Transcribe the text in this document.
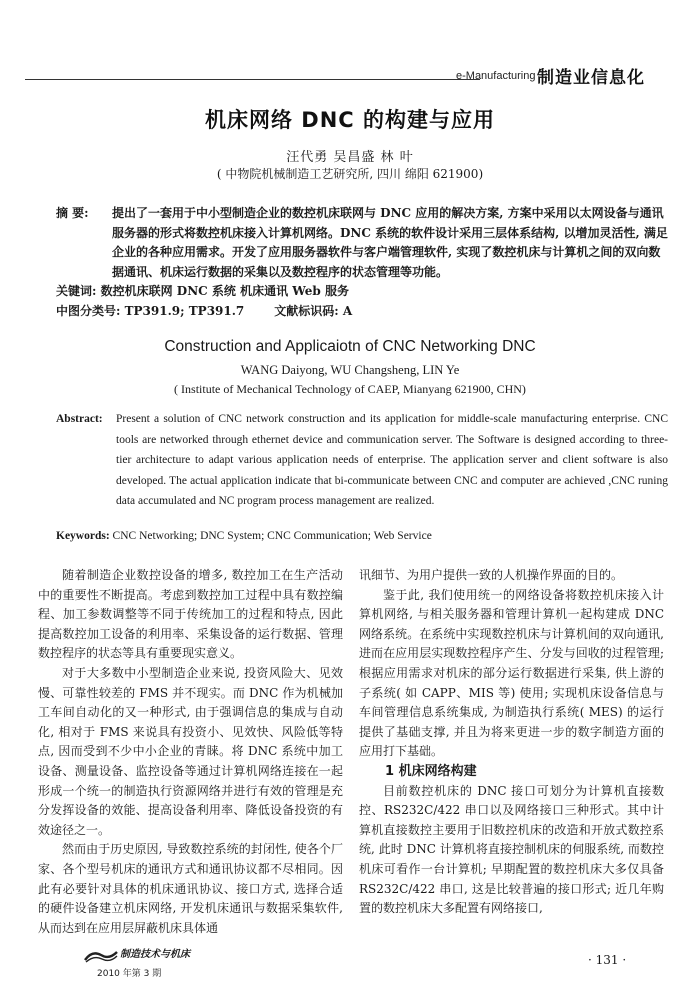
e-Manufacturing 制造业信息化
机床网络 DNC 的构建与应用
汪代勇 吴昌盛 林 叶
( 中物院机械制造工艺研究所, 四川 绵阳 621900)
摘 要:	提出了一套用于中小型制造企业的数控机床联网与 DNC 应用的解决方案, 方案中采用以太网设备与通讯服务器的形式将数控机床接入计算机网络。DNC 系统的软件设计采用三层体系结构, 以增加灵活性, 满足企业的各种应用需求。开发了应用服务器软件与客户端管理软件, 实现了数控机床与计算机之间的双向数据通讯、机床运行数据的采集以及数控程序的状态管理等功能。
关键词: 数控机床联网 DNC 系统 机床通讯 Web 服务
中图分类号: TP391.9; TP391.7	文献标识码: A
Construction and Applicaiotn of CNC Networking DNC
WANG Daiyong, WU Changsheng, LIN Ye
( Institute of Mechanical Technology of CAEP, Mianyang 621900, CHN)
Abstract:	Present a solution of CNC network construction and its application for middle-scale manufacturing enterprise. CNC tools are networked through ethernet device and communication server. The Software is designed according to three-tier architecture to adapt various application needs of enterprise. The application server and client software is also developed. The actual application indicate that bi-communicate between CNC and computer are achieved ,CNC runing data accumulated and NC program process management are realized.
Keywords: CNC Networking; DNC System; CNC Communication; Web Service

随着制造企业数控设备的增多, 数控加工在生产活动中的重要性不断提高。考虑到数控加工过程中具有数控编程、加工参数调整等不同于传统加工的过程和特点, 因此提高数控加工设备的利用率、采集设备的运行数据、管理数控程序的状态等具有重要现实意义。

对于大多数中小型制造企业来说, 投资风险大、见效慢、可靠性较差的 FMS 并不现实。而 DNC 作为机械加工车间自动化的又一种形式, 由于强调信息的集成与自动化, 相对于 FMS 来说具有投资小、见效快、风险低等特点, 因而受到不少中小企业的青睐。将 DNC 系统中加工设备、测量设备、监控设备等通过计算机网络连接在一起形成一个统一的制造执行资源网络并进行有效的管理是充分发挥设备的效能、提高设备利用率、降低设备投资的有效途径之一。

然而由于历史原因, 导致数控系统的封闭性, 使各个厂家、各个型号机床的通讯方式和通讯协议都不尽相同。因此有必要针对具体的机床通讯协议、接口方式, 选择合适的硬件设备建立机床网络, 开发机床通讯与数据采集软件, 从而达到在应用层屏蔽机床具体通

讯细节、为用户提供一致的人机操作界面的目的。

鉴于此, 我们使用统一的网络设备将数控机床接入计算机网络, 与相关服务器和管理计算机一起构建成 DNC 网络系统。在系统中实现数控机床与计算机间的双向通讯, 进而在应用层实现数控程序产生、分发与回收的过程管理; 根据应用需求对机床的部分运行数据进行采集, 供上游的子系统( 如 CAPP、MIS 等) 使用; 实现机床设备信息与车间管理信息系统集成, 为制造执行系统( MES) 的运行提供了基础支撑, 并且为将来更进一步的数字制造方面的应用打下基础。

1 机床网络构建

目前数控机床的 DNC 接口可划分为计算机直接数控、RS232C/422 串口以及网络接口三种形式。其中计算机直接数控主要用于旧数控机床的改造和开放式数控系统, 此时 DNC 计算机将直接控制机床的伺服系统, 而数控机床可看作一台计算机; 早期配置的数控机床大多仅具备 RS232C/422 串口, 这是比较普遍的接口形式; 近几年购置的数控机床大多配置有网络接口,

制造技术与机床
2010 年第 3 期
· 131 ·
